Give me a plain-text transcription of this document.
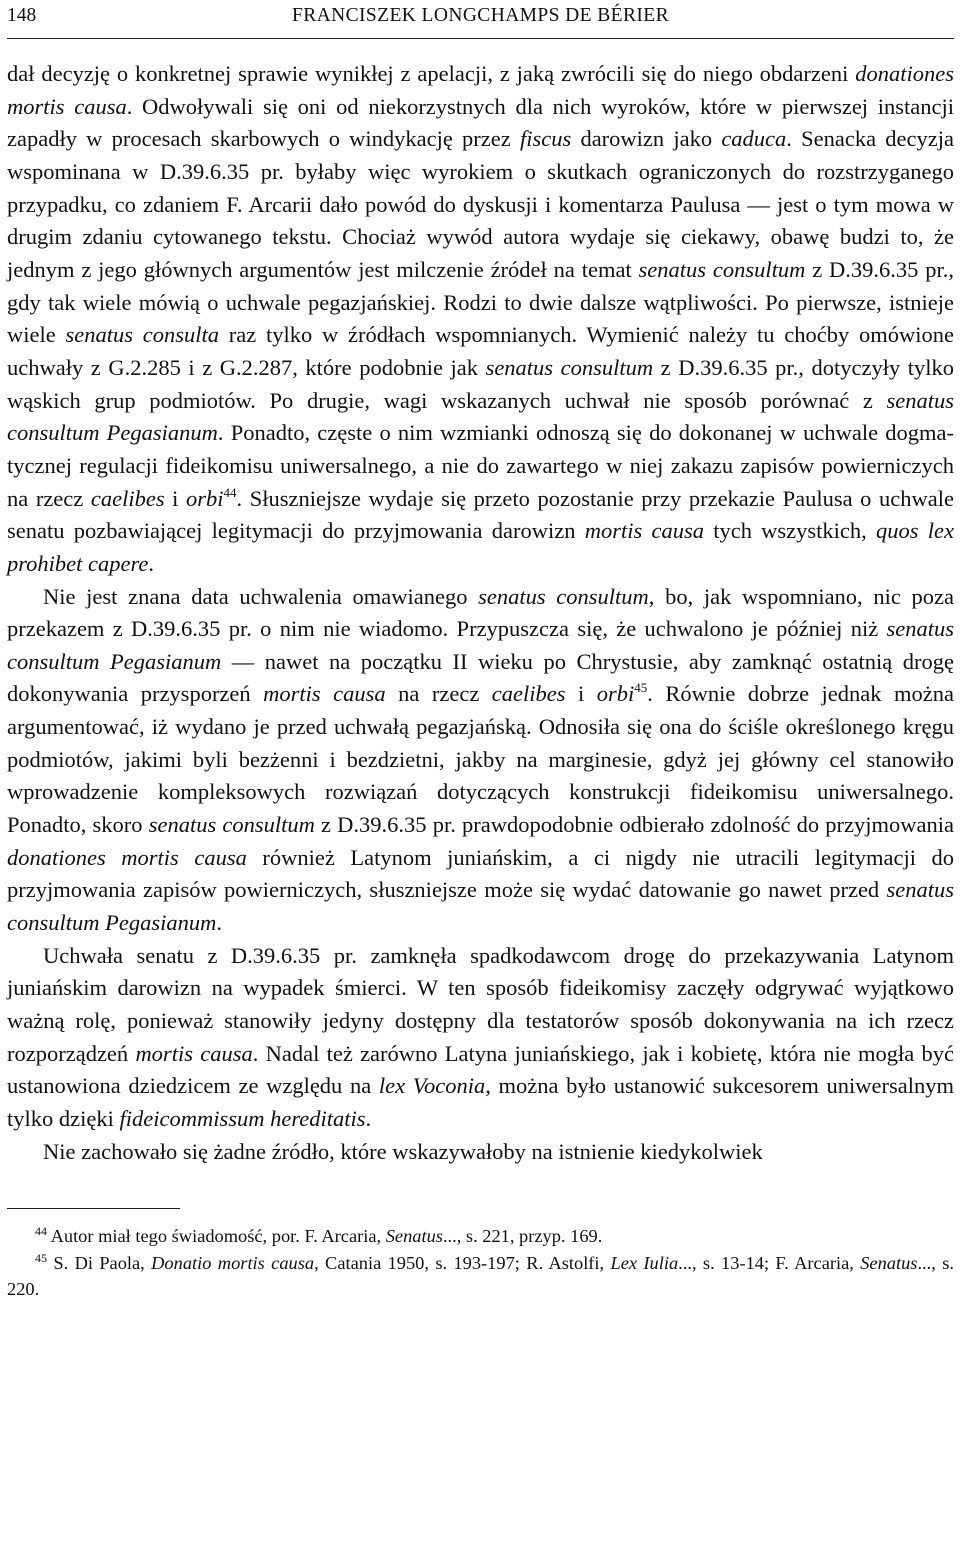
148	FRANCISZEK LONGCHAMPS DE BÉRIER

dał decyzję o konkretnej sprawie wynikłej z apelacji, z jaką zwrócili się do niego obdarzeni donationes mortis causa. Odwoływali się oni od niekorzystnych dla nich wyroków, które w pierwszej instancji zapadły w procesach skarbowych o windykację przez fiscus darowizn jako caduca. Senacka decyzja wspominana w D.39.6.35 pr. byłaby więc wyrokiem o skutkach ograniczonych do rozstrzyganego przypadku, co zdaniem F. Arcarii dało powód do dyskusji i komentarza Paulusa — jest o tym mowa w drugim zdaniu cytowanego tekstu. Chociaż wywód autora wydaje się ciekawy, obawę budzi to, że jednym z jego głównych argumentów jest milczenie źródeł na temat senatus consultum z D.39.6.35 pr., gdy tak wiele mówią o uchwale pegazjańskiej. Rodzi to dwie dalsze wątpliwości. Po pierwsze, istnieje wiele senatus consulta raz tylko w źródłach wspomnianych. Wymienić należy tu choćby omówione uchwały z G.2.285 i z G.2.287, które podobnie jak senatus consultum z D.39.6.35 pr., dotyczyły tylko wąskich grup podmiotów. Po drugie, wagi wskazanych uchwał nie sposób porównać z senatus consultum Pegasianum. Ponadto, częste o nim wzmianki odnoszą się do dokonanej w uchwale dogmatycznej regulacji fideikomisu uniwersalnego, a nie do zawartego w niej zakazu zapisów powierniczych na rzecz caelibes i orbi$^{44}$. Słuszniejsze wydaje się przeto pozostanie przy przekazie Paulusa o uchwale senatu pozbawiającej legitymacji do przyjmowania darowizn mortis causa tych wszystkich, quos lex prohibet capere.

Nie jest znana data uchwalenia omawianego senatus consultum, bo, jak wspomniano, nic poza przekazem z D.39.6.35 pr. o nim nie wiadomo. Przypuszcza się, że uchwalono je później niż senatus consultum Pegasianum — nawet na początku II wieku po Chrystusie, aby zamknąć ostatnią drogę dokonywania przysporzeń mortis causa na rzecz caelibes i orbi$^{45}$. Równie dobrze jednak można argumentować, iż wydano je przed uchwałą pegazjańską. Odnosiła się ona do ściśle określonego kręgu podmiotów, jakimi byli bezżenni i bezdzietni, jakby na marginesie, gdyż jej główny cel stanowiło wprowadzenie kompleksowych rozwiązań dotyczących konstrukcji fideikomisu uniwersalnego. Ponadto, skoro senatus consultum z D.39.6.35 pr. prawdopodobnie odbierało zdolność do przyjmowania donationes mortis causa również Latynom juniańskim, a ci nigdy nie utracili legitymacji do przyjmowania zapisów powierniczych, słuszniejsze może się wydać datowanie go nawet przed senatus consultum Pegasianum.

Uchwała senatu z D.39.6.35 pr. zamknęła spadkodawcom drogę do przekazywania Latynom juniańskim darowizn na wypadek śmierci. W ten sposób fideikomisy zaczęły odgrywać wyjątkowo ważną rolę, ponieważ stanowiły jedyny dostępny dla testatorów sposób dokonywania na ich rzecz rozporządzeń mortis causa. Nadal też zarówno Latyna juniańskiego, jak i kobietę, która nie mogła być ustanowiona dziedzicem ze względu na lex Voconia, można było ustanowić sukcesorem uniwersalnym tylko dzięki fideicommissum hereditatis.

Nie zachowało się żadne źródło, które wskazywałoby na istnienie kiedykolwiek

$^{44}$ Autor miał tego świadomość, por. F. Arcaria, Senatus..., s. 221, przyp. 169.

$^{45}$ S. Di Paola, Donatio mortis causa, Catania 1950, s. 193-197; R. Astolfi, Lex Iulia..., s. 13-14; F. Arcaria, Senatus..., s. 220.
